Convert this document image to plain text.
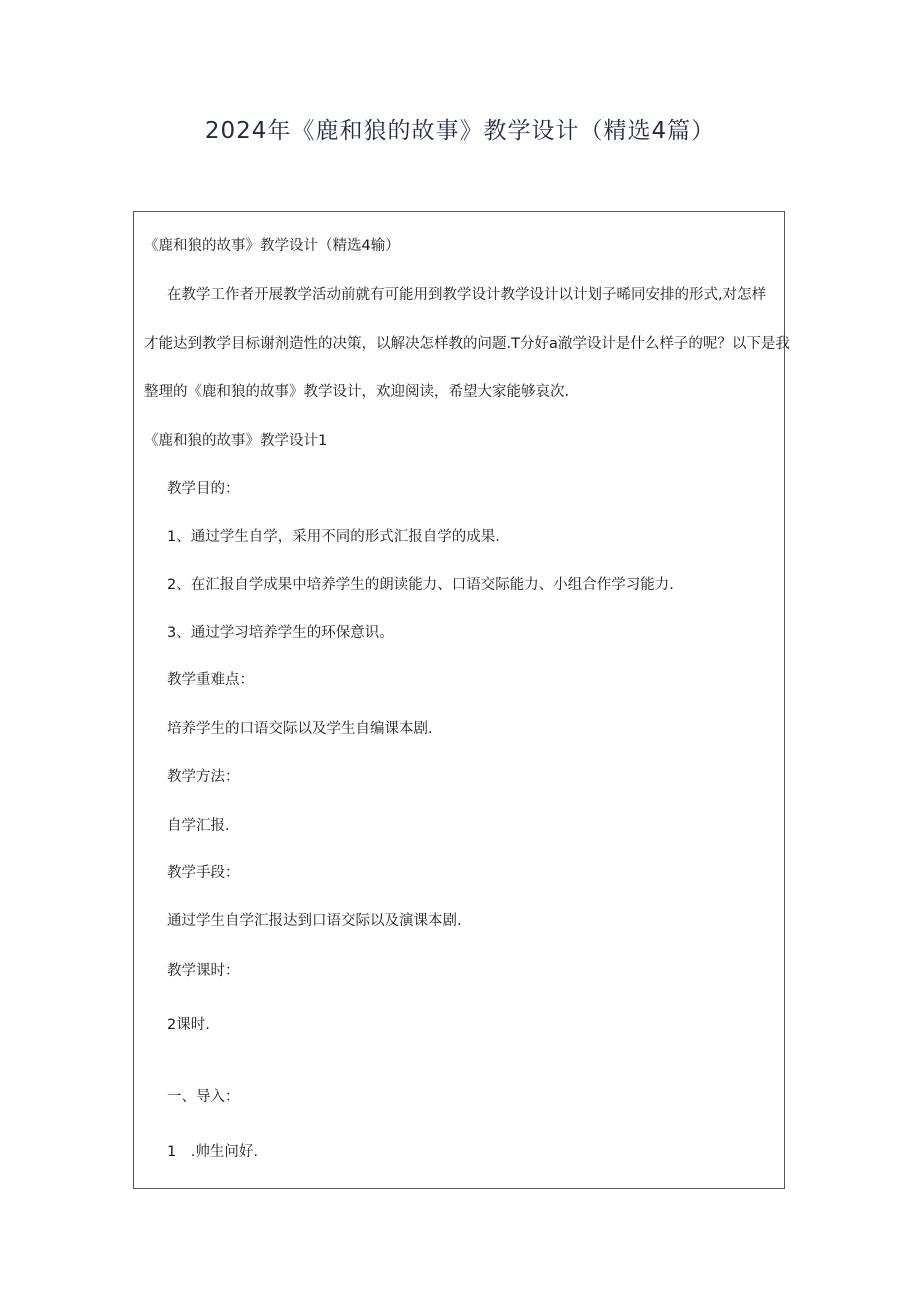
2024年《鹿和狼的故事》教学设计（精选4篇）
《鹿和狼的故事》教学设计（精选4输）
在教学工作者开展教学活动前就有可能用到教学设计教学设计以计划子晞同安排的形式,对怎样
才能达到教学目标谢剂造性的决策，以解决怎样教的问题.T分好a澈学设计是什么样子的呢？以下是我
整理的《鹿和狼的故事》教学设计，欢迎阅读，希望大家能够哀次.
《鹿和狼的故事》教学设计1
教学目的：
1、通过学生自学，采用不同的形式汇报自学的成果.
2、在汇报自学成果中培养学生的朗读能力、口语交际能力、小组合作学习能力.
3、通过学习培养学生的环保意识。
教学重难点：
培养学生的口语交际以及学生自编课本剧.
教学方法：
自学汇报.
教学手段：
通过学生自学汇报达到口语交际以及演课本剧.
教学课时：
2课时.
一、导入：
1　.帅生问好.
